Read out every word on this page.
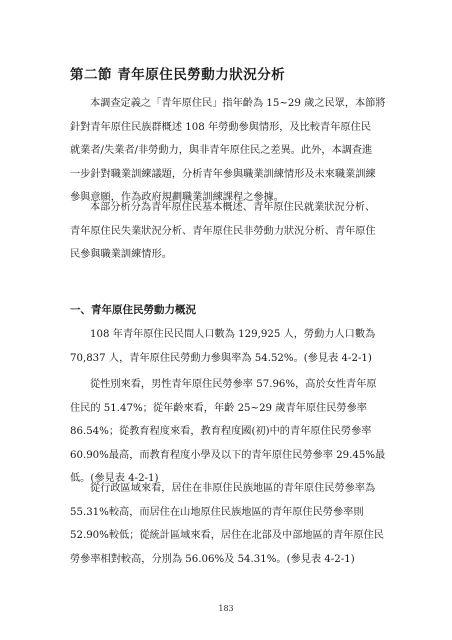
第二節 青年原住民勞動力狀況分析
本調查定義之「青年原住民」指年齡為 15~29 歲之民眾，本節將
針對青年原住民族群概述 108 年勞動參與情形，及比較青年原住民
就業者/失業者/非勞動力，與非青年原住民之差異。此外，本調查進
一步針對職業訓練議題，分析青年參與職業訓練情形及未來職業訓練
參與意願，作為政府規劃職業訓練課程之參據。
本部分析分為青年原住民基本概述、青年原住民就業狀況分析、
青年原住民失業狀況分析、青年原住民非勞動力狀況分析、青年原住
民參與職業訓練情形。
一、青年原住民勞動力概況
108 年青年原住民民間人口數為 129,925 人，勞動力人口數為
70,837 人，青年原住民勞動力參與率為 54.52%。(參見表 4-2-1)
從性別來看，男性青年原住民勞參率 57.96%，高於女性青年原
住民的 51.47%；從年齡來看，年齡 25~29 歲青年原住民勞參率
86.54%；從教育程度來看，教育程度國(初)中的青年原住民勞參率
60.90%最高，而教育程度小學及以下的青年原住民勞參率 29.45%最
低。(參見表 4-2-1)
從行政區域來看，居住在非原住民族地區的青年原住民勞參率為
55.31%較高，而居住在山地原住民族地區的青年原住民勞參率則
52.90%較低；從統計區域來看，居住在北部及中部地區的青年原住民
勞參率相對較高，分別為 56.06%及 54.31%。(參見表 4-2-1)
183
